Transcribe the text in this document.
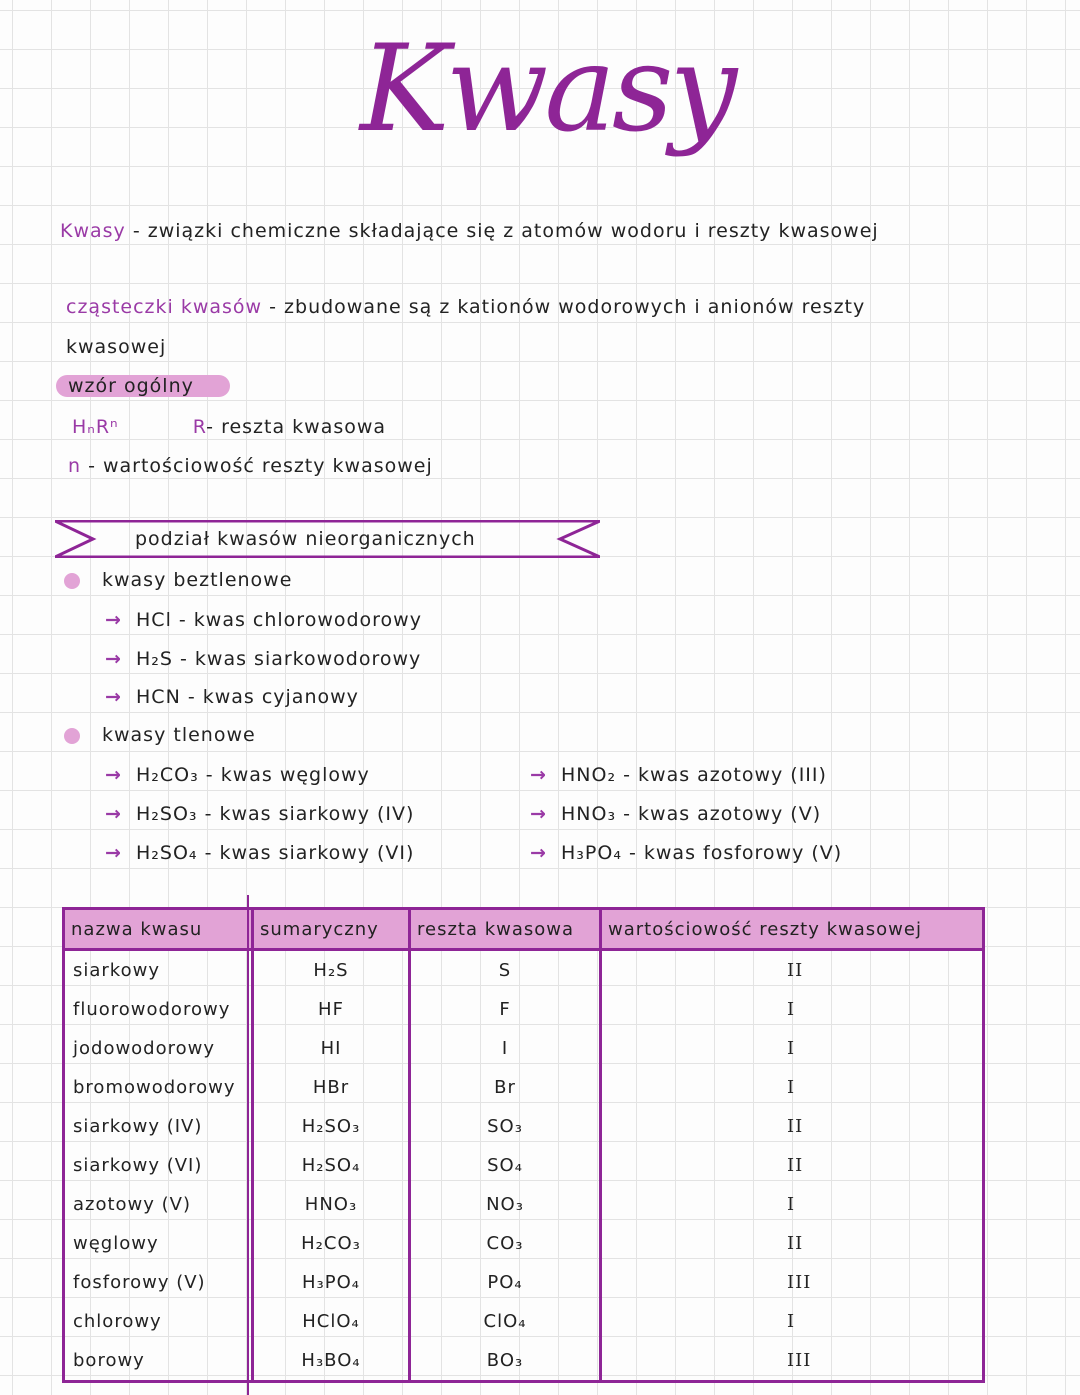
Kwasy
Kwasy - związki chemiczne składające się z atomów wodoru i reszty kwasowej
cząsteczki kwasów - zbudowane są z kationów wodorowych i anionów reszty
kwasowej
wzór ogólny
HₙRⁿ	R- reszta kwasowa
n - wartościowość reszty kwasowej
podział kwasów nieorganicznych
kwasy beztlenowe
→ HCl - kwas chlorowodorowy
→ H₂S - kwas siarkowodorowy
→ HCN - kwas cyjanowy
kwasy tlenowe
→ H₂CO₃ - kwas węglowy
→ H₂SO₃ - kwas siarkowy (IV)
→ H₂SO₄ - kwas siarkowy (VI)
→ HNO₂ - kwas azotowy (III)
→ HNO₃ - kwas azotowy (V)
→ H₃PO₄ - kwas fosforowy (V)
nazwa kwasu	sumaryczny	reszta kwasowa	wartościowość reszty kwasowej
siarkowy	H₂S	S	II
fluorowodorowy	HF	F	I
jodowodorowy	HI	I	I
bromowodorowy	HBr	Br	I
siarkowy (IV)	H₂SO₃	SO₃	II
siarkowy (VI)	H₂SO₄	SO₄	II
azotowy (V)	HNO₃	NO₃	I
węglowy	H₂CO₃	CO₃	II
fosforowy (V)	H₃PO₄	PO₄	III
chlorowy	HClO₄	ClO₄	I
borowy	H₃BO₄	BO₃	III
